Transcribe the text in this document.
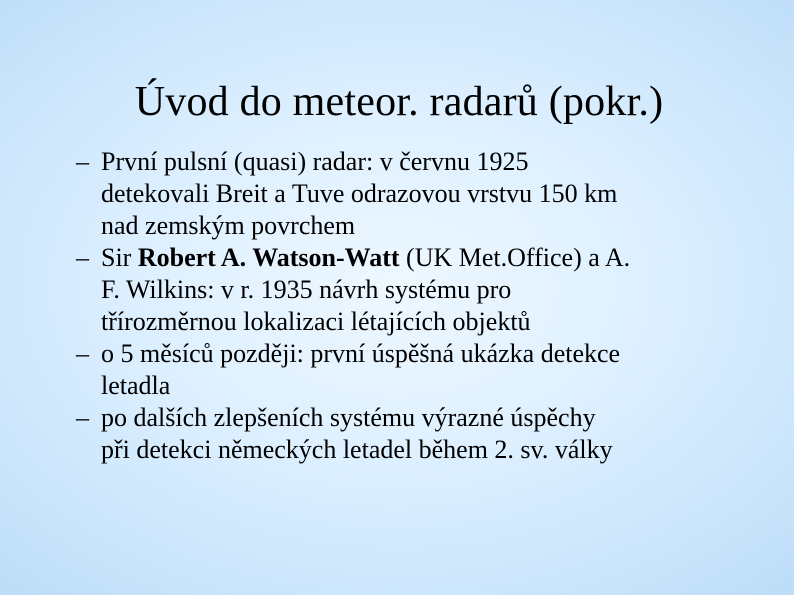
Úvod do meteor. radarů (pokr.)
– První pulsní (quasi) radar: v červnu 1925
detekovali Breit a Tuve odrazovou vrstvu 150 km
nad zemským povrchem
– Sir Robert A. Watson-Watt (UK Met.Office) a A.
F. Wilkins: v r. 1935 návrh systému pro
třírozměrnou lokalizaci létajících objektů
– o 5 měsíců později: první úspěšná ukázka detekce
letadla
– po dalších zlepšeních systému výrazné úspěchy
při detekci německých letadel během 2. sv. války
